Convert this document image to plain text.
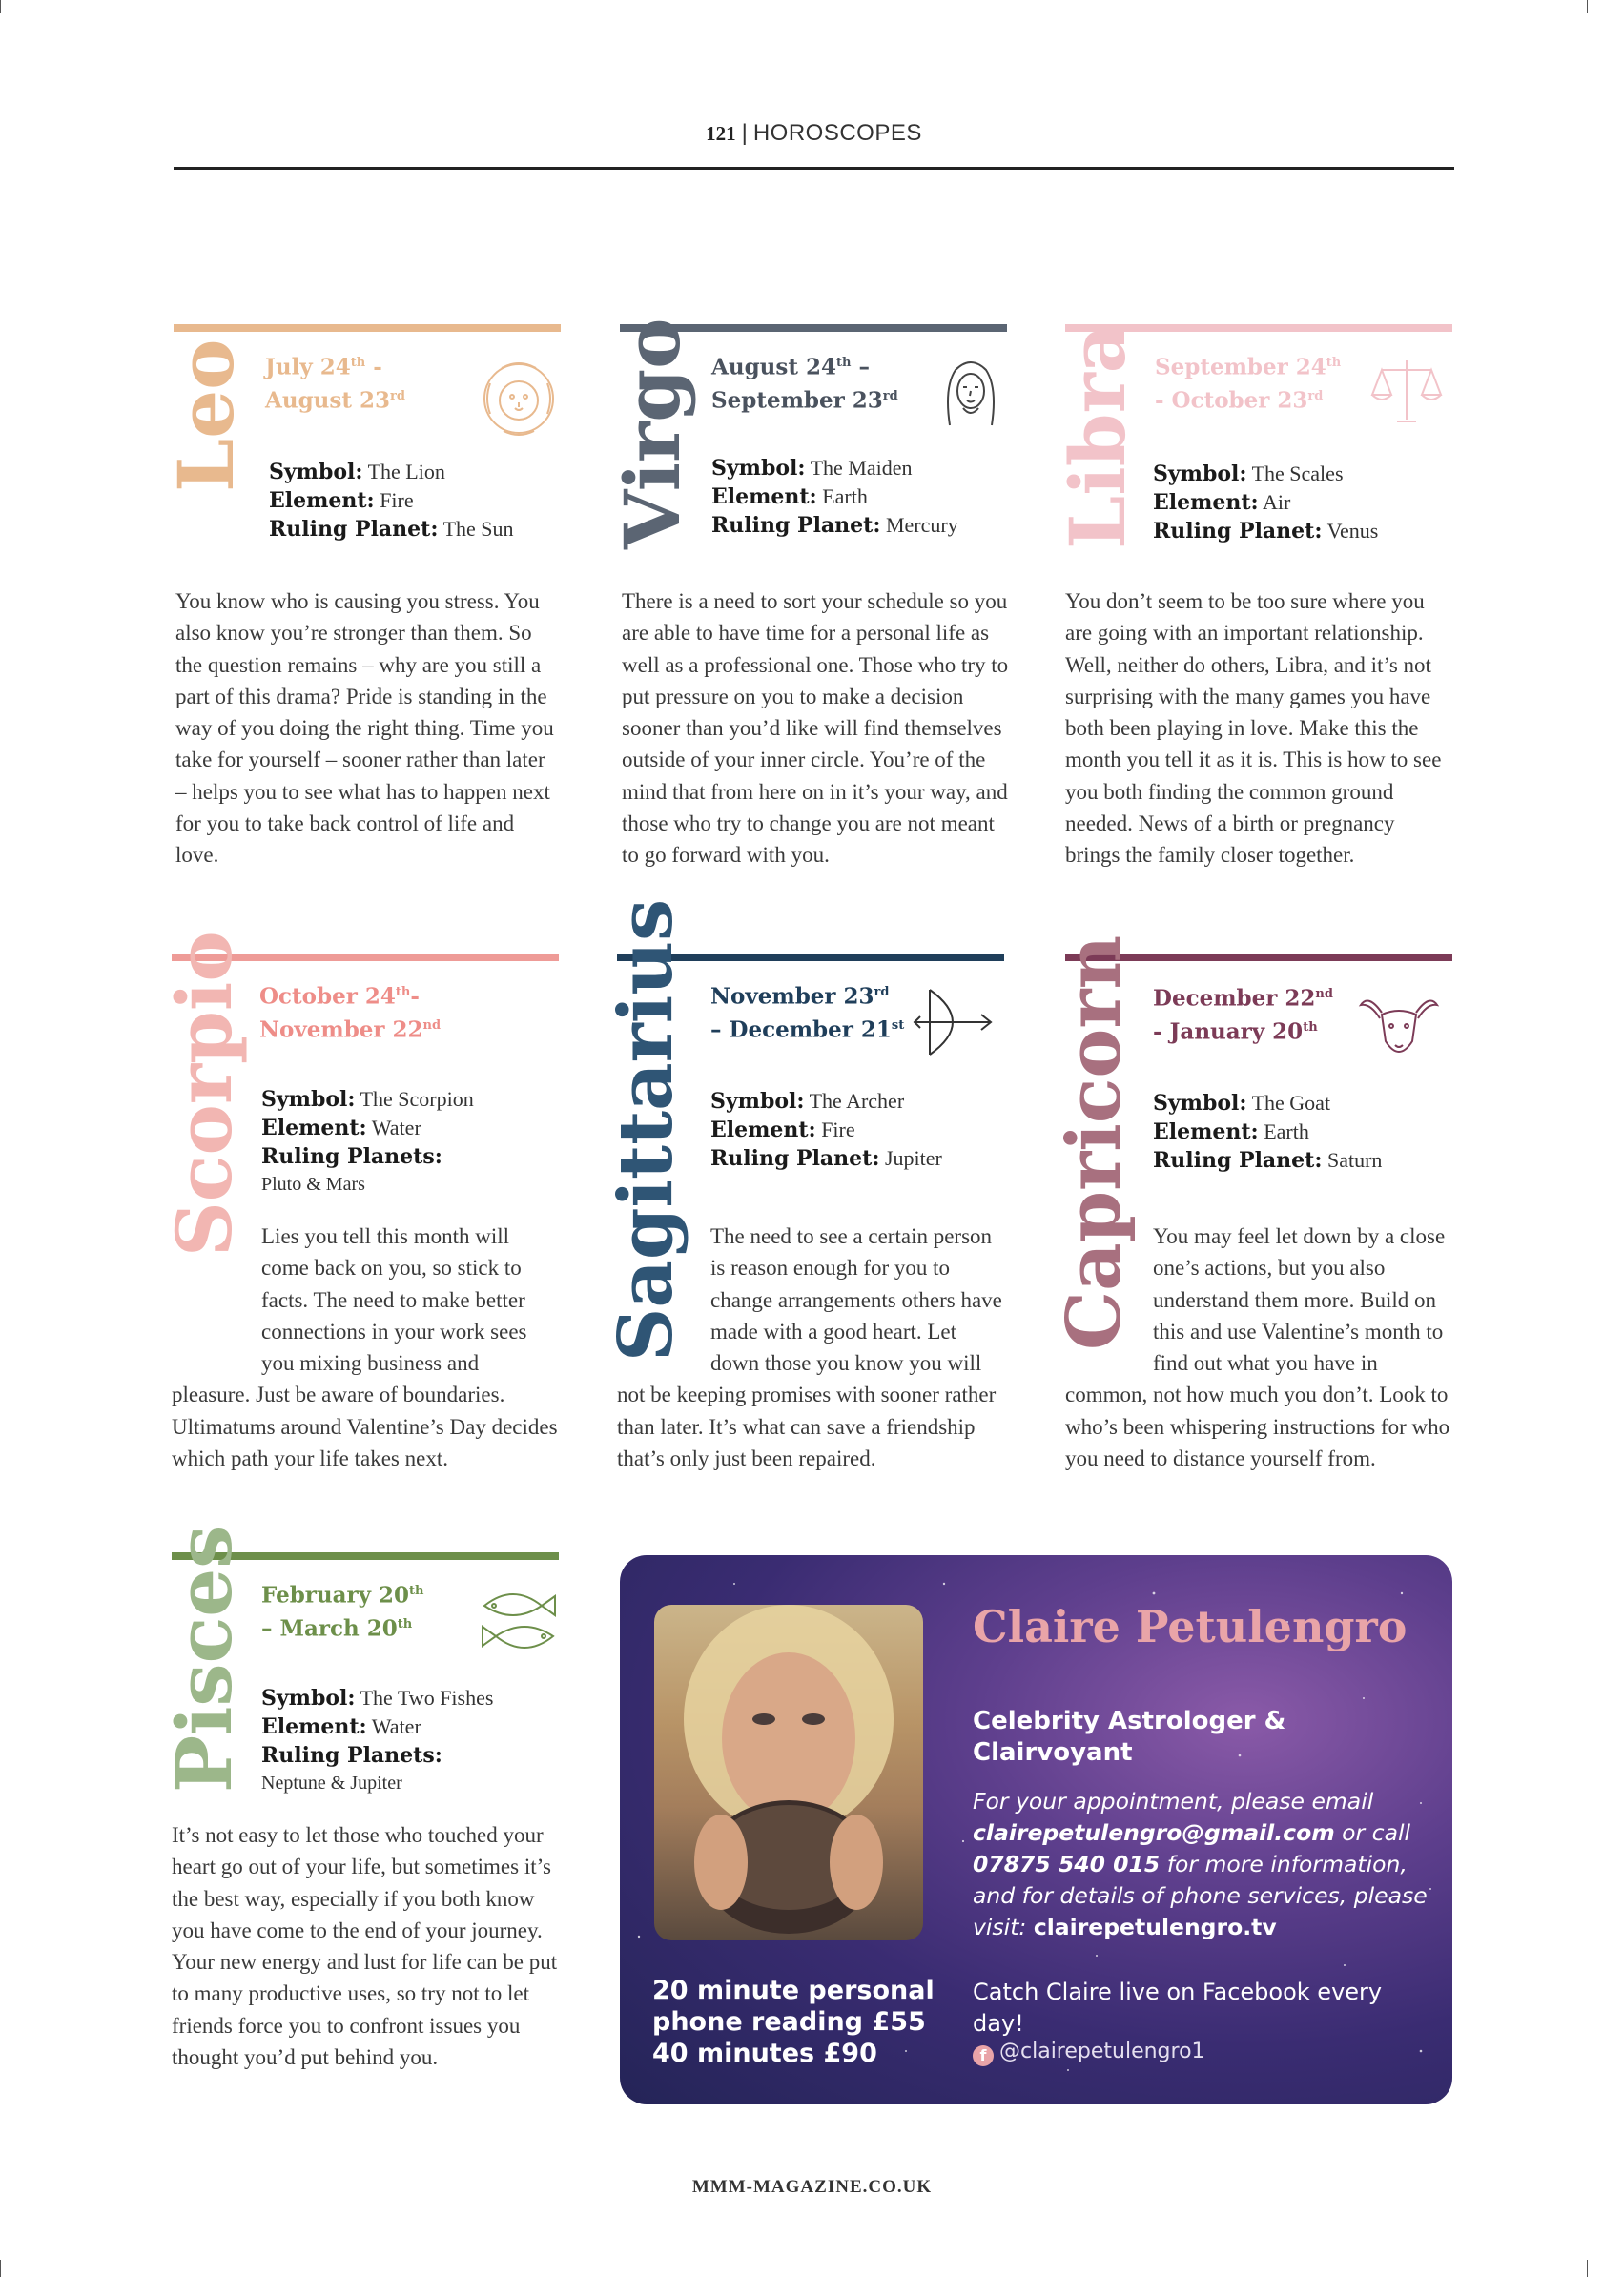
121 | HOROSCOPES
Leo July 24th -
August 23rd
Symbol: The Lion
Element: Fire
Ruling Planet: The Sun
You know who is causing you stress. You also know you’re stronger than them. So the question remains – why are you still a part of this drama? Pride is standing in the way of you doing the right thing. Time you take for yourself – sooner rather than later – helps you to see what has to happen next for you to take back control of life and love.
Virgo August 24th –
September 23rd
Symbol: The Maiden
Element: Earth
Ruling Planet: Mercury
There is a need to sort your schedule so you are able to have time for a personal life as well as a professional one. Those who try to put pressure on you to make a decision sooner than you’d like will find themselves outside of your inner circle. You’re of the mind that from here on in it’s your way, and those who try to change you are not meant to go forward with you.
Libra September 24th
- October 23rd
Symbol: The Scales
Element: Air
Ruling Planet: Venus
You don’t seem to be too sure where you are going with an important relationship. Well, neither do others, Libra, and it’s not surprising with the many games you have both been playing in love. Make this the month you tell it as it is. This is how to see you both finding the common ground needed. News of a birth or pregnancy brings the family closer together.
Scorpio October 24th-
November 22nd
Symbol: The Scorpion
Element: Water
Ruling Planets:
Pluto & Mars
Lies you tell this month will come back on you, so stick to facts. The need to make better connections in your work sees you mixing business and pleasure. Just be aware of boundaries. Ultimatums around Valentine’s Day decides which path your life takes next.
Sagittarius November 23rd
– December 21st
Symbol: The Archer
Element: Fire
Ruling Planet: Jupiter
The need to see a certain person is reason enough for you to change arrangements others have made with a good heart. Let down those you know you will not be keeping promises with sooner rather than later. It’s what can save a friendship that’s only just been repaired.
Capricorn December 22nd
- January 20th
Symbol: The Goat
Element: Earth
Ruling Planet: Saturn
You may feel let down by a close one’s actions, but you also understand them more. Build on this and use Valentine’s month to find out what you have in common, not how much you don’t. Look to who’s been whispering instructions for who you need to distance yourself from.
Pisces February 20th
– March 20th
Symbol: The Two Fishes
Element: Water
Ruling Planets:
Neptune & Jupiter
It’s not easy to let those who touched your heart go out of your life, but sometimes it’s the best way, especially if you both know you have come to the end of your journey. Your new energy and lust for life can be put to many productive uses, so try not to let friends force you to confront issues you thought you’d put behind you.
Claire Petulengro
Celebrity Astrologer & Clairvoyant
For your appointment, please email clairepetulengro@gmail.com or call 07875 540 015 for more information, and for details of phone services, please visit: clairepetulengro.tv
20 minute personal
phone reading £55
40 minutes £90
Catch Claire live on Facebook every day!
f @clairepetulengro1
MMM-MAGAZINE.CO.UK
